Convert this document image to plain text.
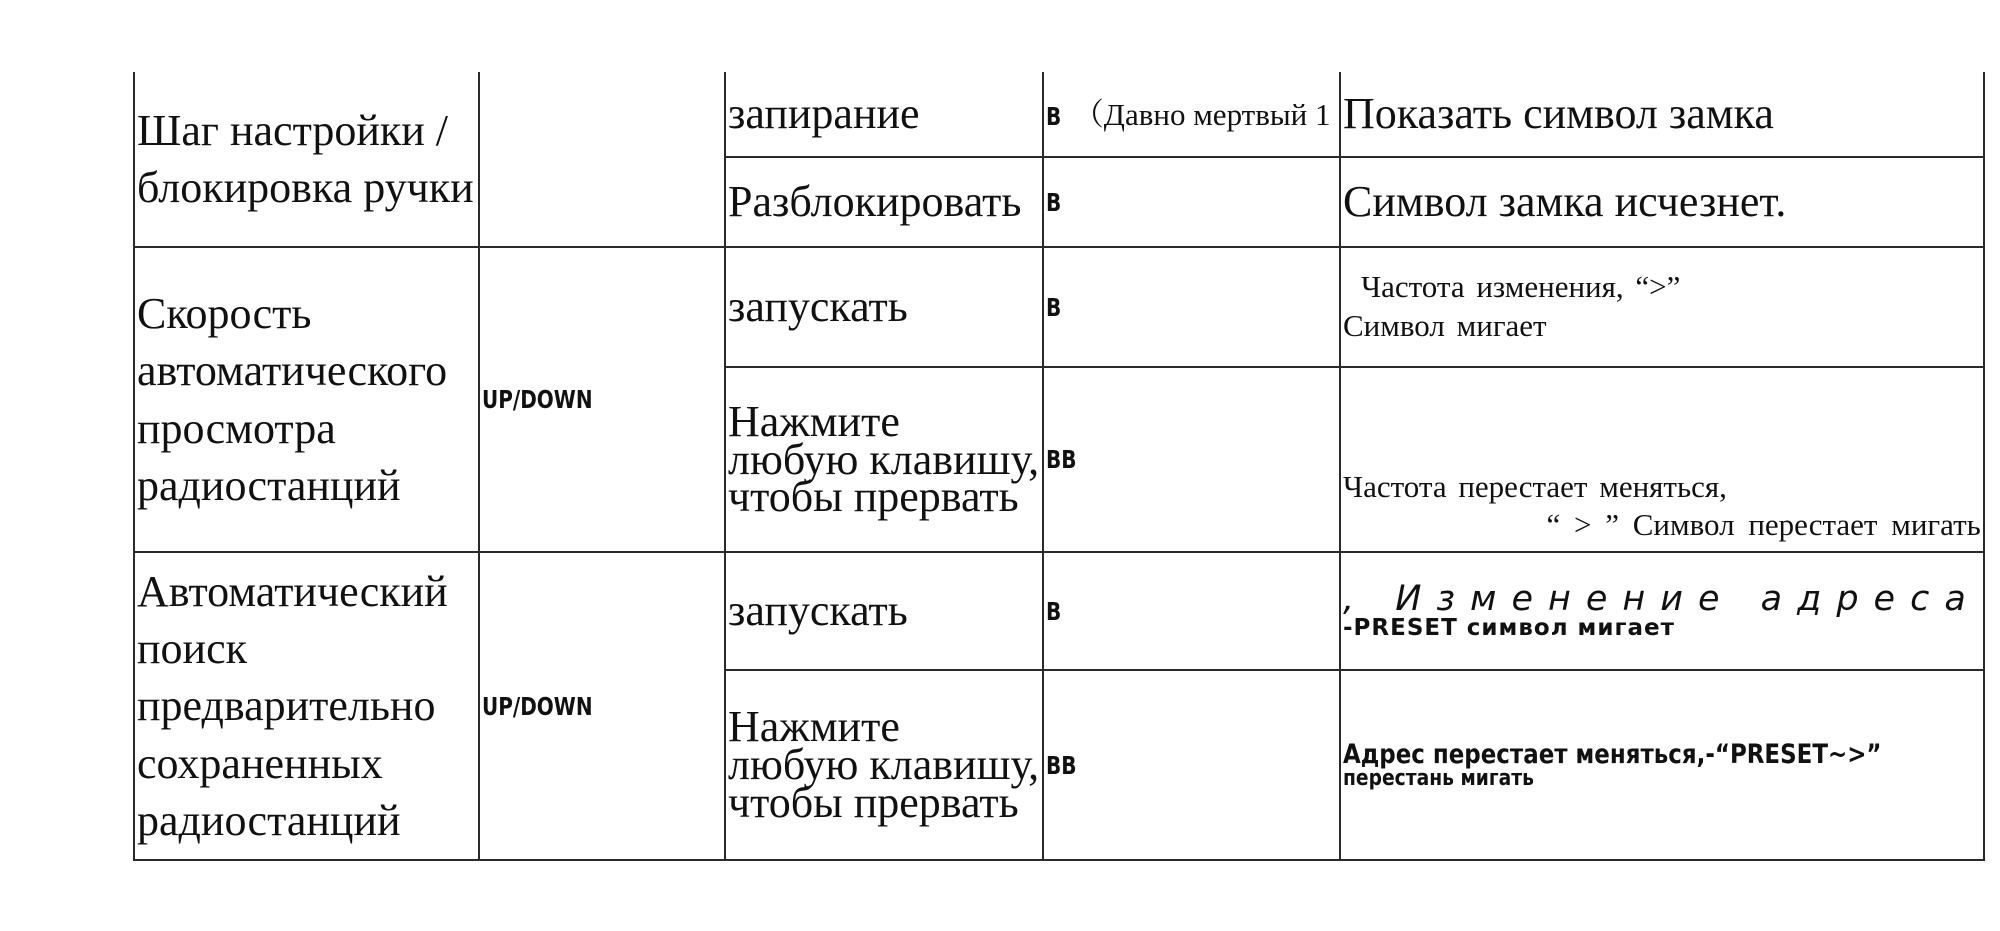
Шаг настройки / блокировка ручки		запирание	B （Давно мертвый 1	Показать символ замка
		Разблокировать	B	Символ замка исчезнет.
Скорость автоматического просмотра радиостанций	UP/DOWN	запускать	B	Частота изменения, “>”
Символ мигает

		Нажмите любую клавишу, чтобы прервать	BB	Частота перестает меняться,
“ > ” Символ перестает мигать

Автоматический поиск предварительно сохраненных радиостанций	UP/DOWN	запускать	B	, Изменение адреса
-PRESET символ мигает

		Нажмите любую клавишу, чтобы прервать	BB	Адрес перестает меняться,-“PRESET~>”
перестань мигать
